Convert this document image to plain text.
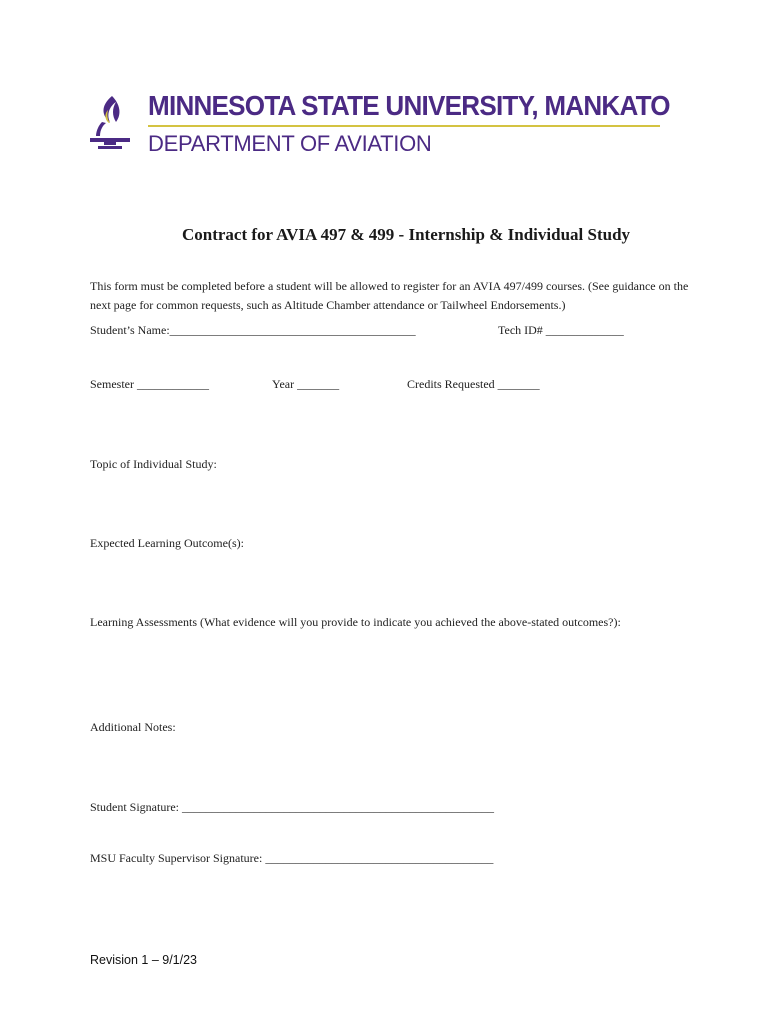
MINNESOTA STATE UNIVERSITY, MANKATO
DEPARTMENT OF AVIATION
Contract for AVIA 497 & 499 - Internship & Individual Study
This form must be completed before a student will be allowed to register for an AVIA 497/499 courses. (See guidance on the next page for common requests, such as Altitude Chamber attendance or Tailwheel Endorsements.)
Student’s Name:_________________________________________	Tech ID# _____________
Semester ____________	Year _______	Credits Requested _______
Topic of Individual Study:
Expected Learning Outcome(s):
Learning Assessments (What evidence will you provide to indicate you achieved the above-stated outcomes?):
Additional Notes:
Student Signature: ____________________________________________________
MSU Faculty Supervisor Signature: ______________________________________
Revision 1 – 9/1/23
